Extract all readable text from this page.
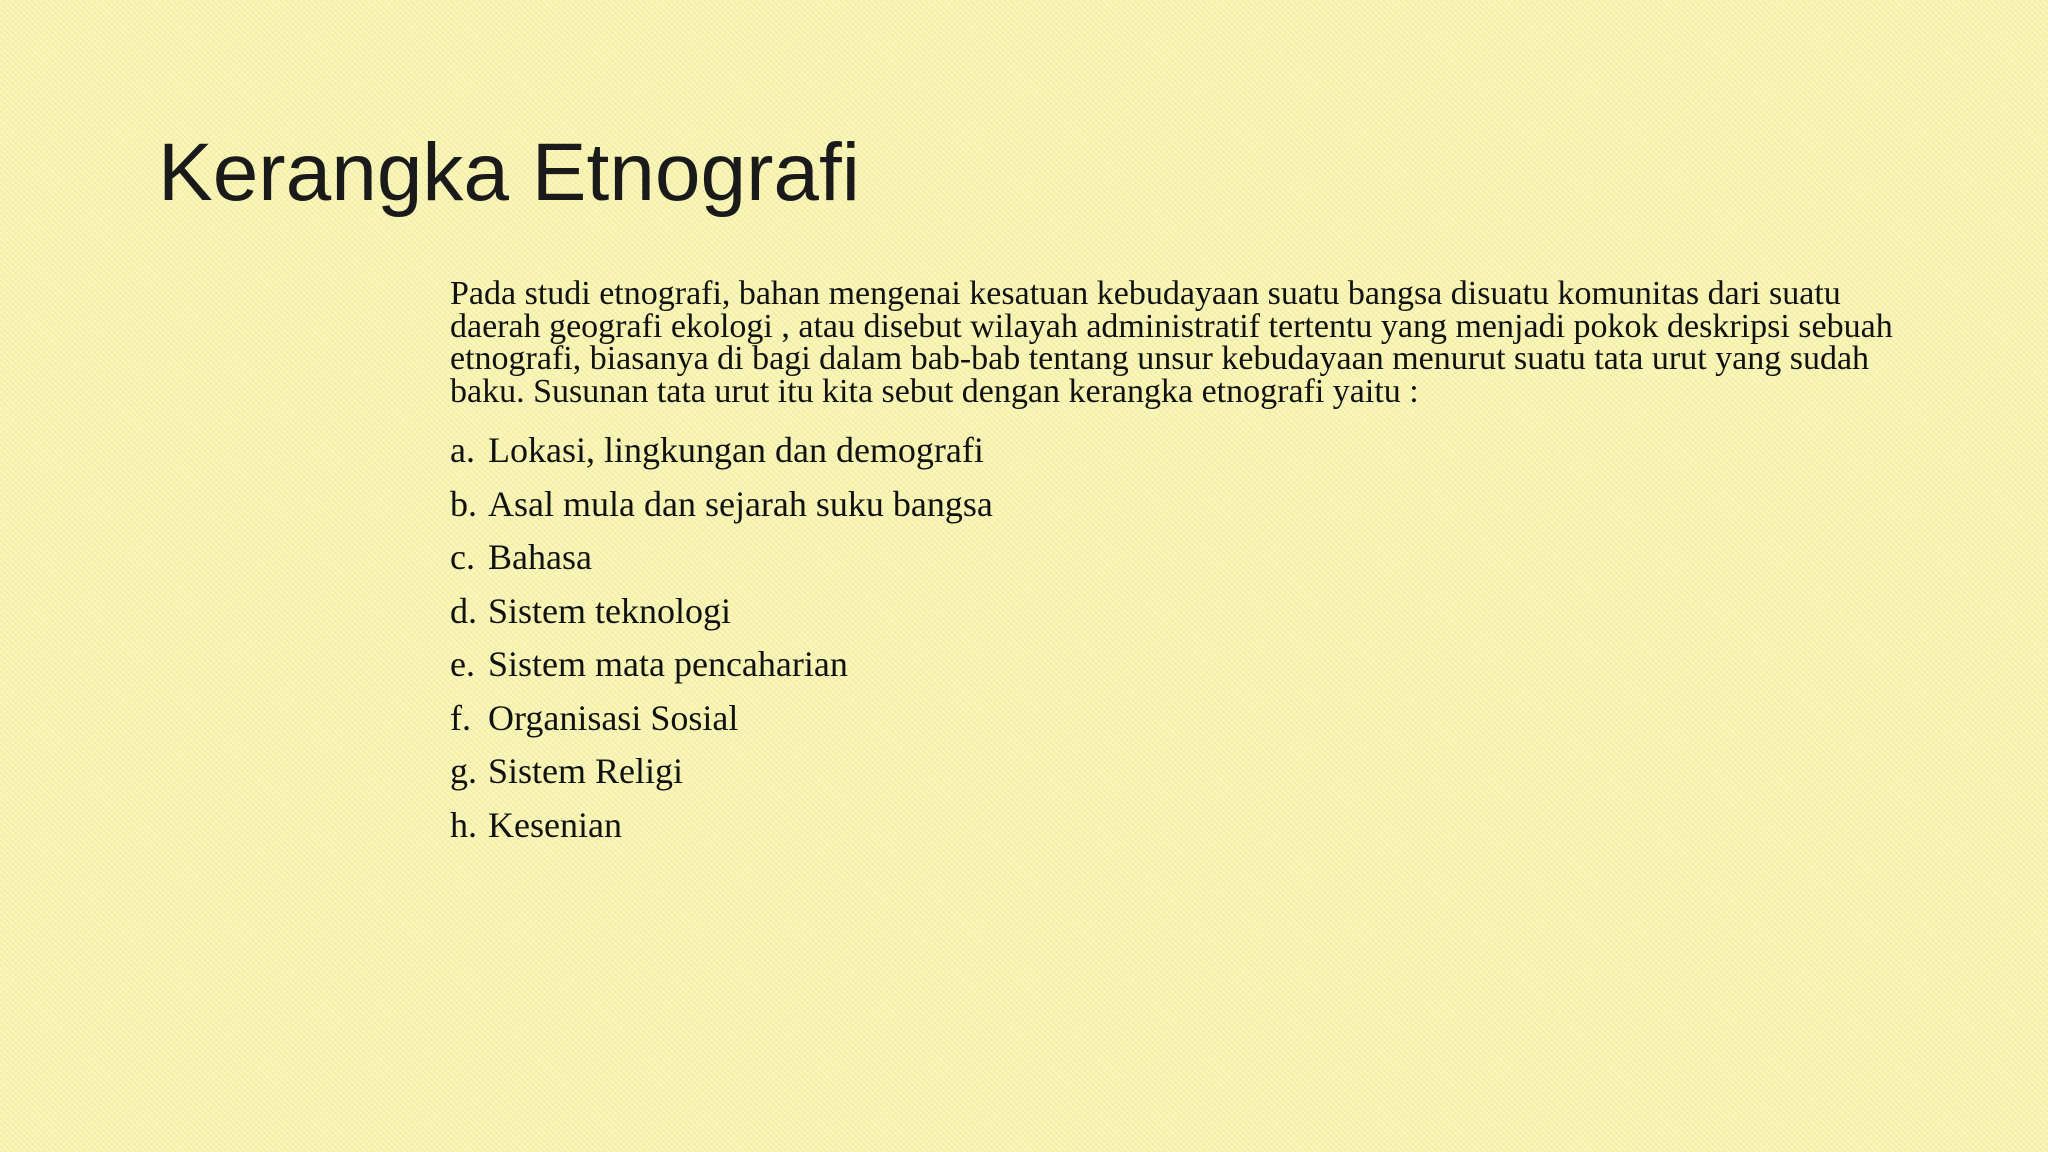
Kerangka Etnografi

Pada studi etnografi, bahan mengenai kesatuan kebudayaan suatu bangsa disuatu komunitas dari suatu daerah geografi ekologi , atau disebut wilayah administratif tertentu yang menjadi pokok deskripsi sebuah etnografi, biasanya di bagi dalam bab-bab tentang unsur kebudayaan menurut suatu tata urut yang sudah baku. Susunan tata urut itu kita sebut dengan kerangka etnografi yaitu :

a. Lokasi, lingkungan dan demografi
b. Asal mula dan sejarah suku bangsa
c. Bahasa
d. Sistem teknologi
e. Sistem mata pencaharian
f. Organisasi Sosial
g. Sistem Religi
h. Kesenian
